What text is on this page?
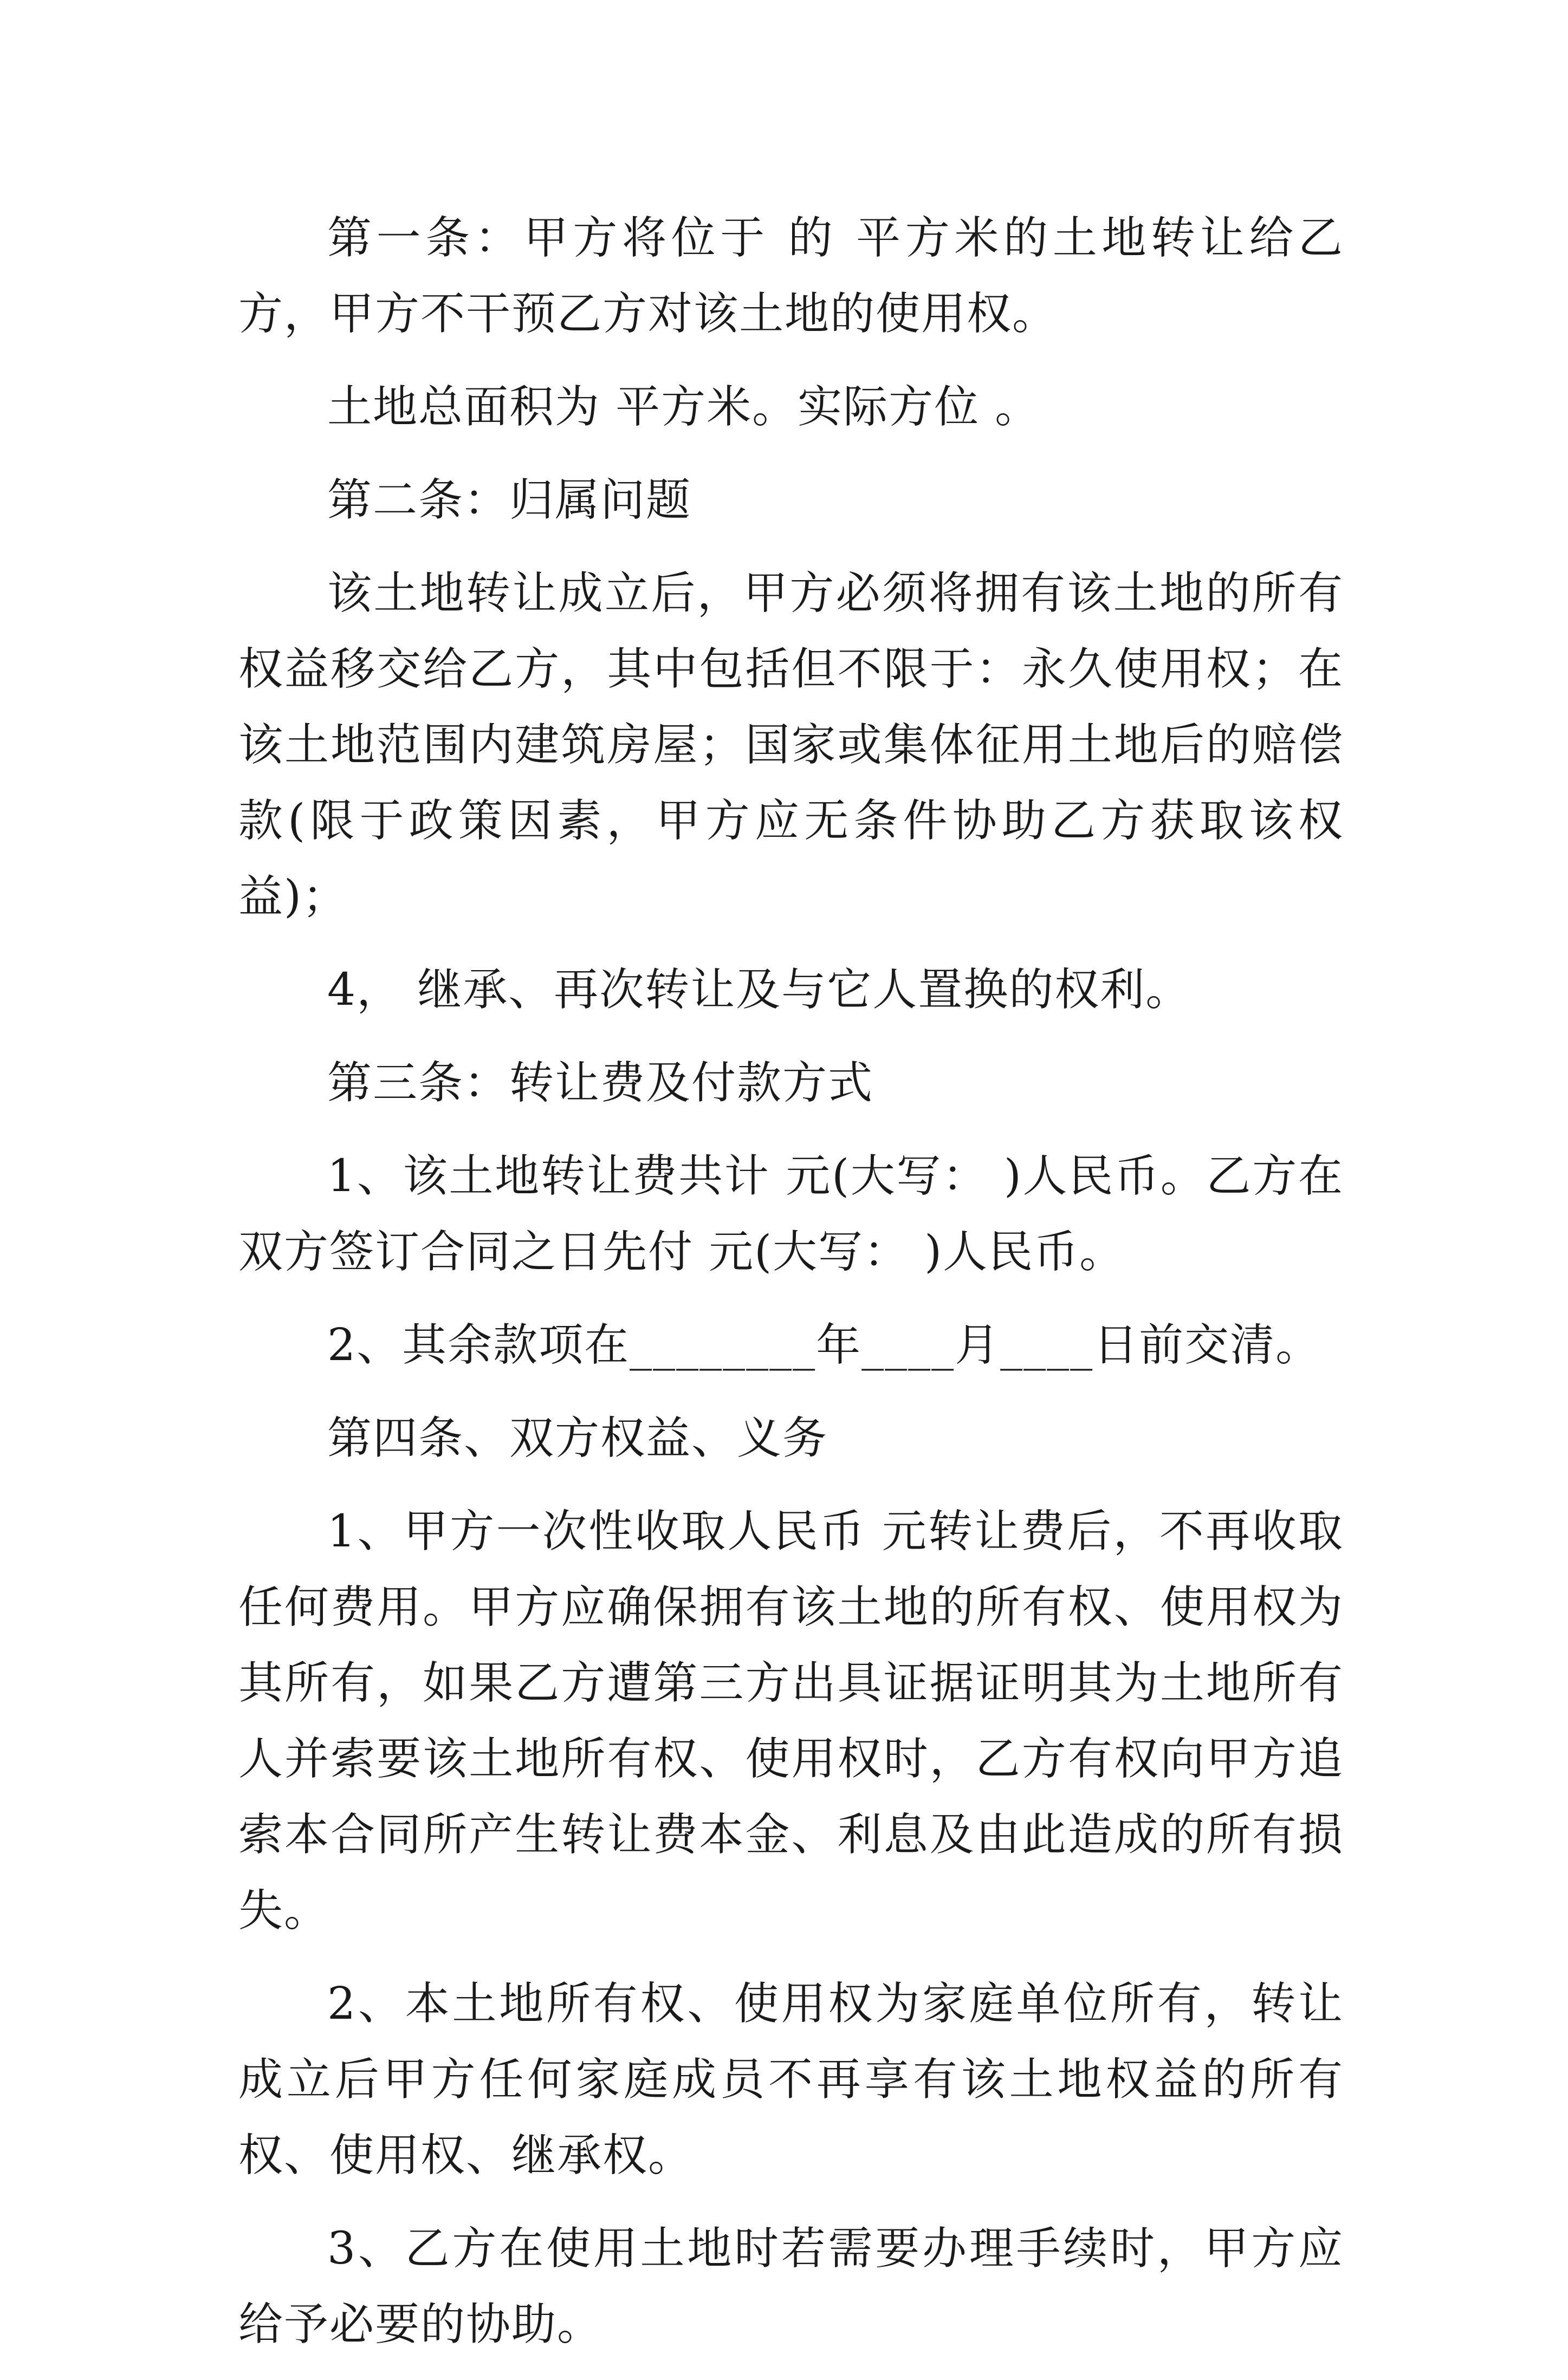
第一条：甲方将位于 的 平方米的土地转让给乙方，甲方不干预乙方对该土地的使用权。

土地总面积为 平方米。实际方位 。

第二条：归属问题

该土地转让成立后，甲方必须将拥有该土地的所有权益移交给乙方，其中包括但不限于：永久使用权；在该土地范围内建筑房屋；国家或集体征用土地后的赔偿款(限于政策因素，甲方应无条件协助乙方获取该权益)；

4， 继承、再次转让及与它人置换的权利。

第三条：转让费及付款方式

1、该土地转让费共计 元(大写： )人民币。乙方在双方签订合同之日先付 元(大写： )人民币。

2、其余款项在________年____月____日前交清。

第四条、双方权益、义务

1、甲方一次性收取人民币 元转让费后，不再收取任何费用。甲方应确保拥有该土地的所有权、使用权为其所有，如果乙方遭第三方出具证据证明其为土地所有人并索要该土地所有权、使用权时，乙方有权向甲方追索本合同所产生转让费本金、利息及由此造成的所有损失。

2、本土地所有权、使用权为家庭单位所有，转让成立后甲方任何家庭成员不再享有该土地权益的所有权、使用权、继承权。

3、乙方在使用土地时若需要办理手续时，甲方应给予必要的协助。
